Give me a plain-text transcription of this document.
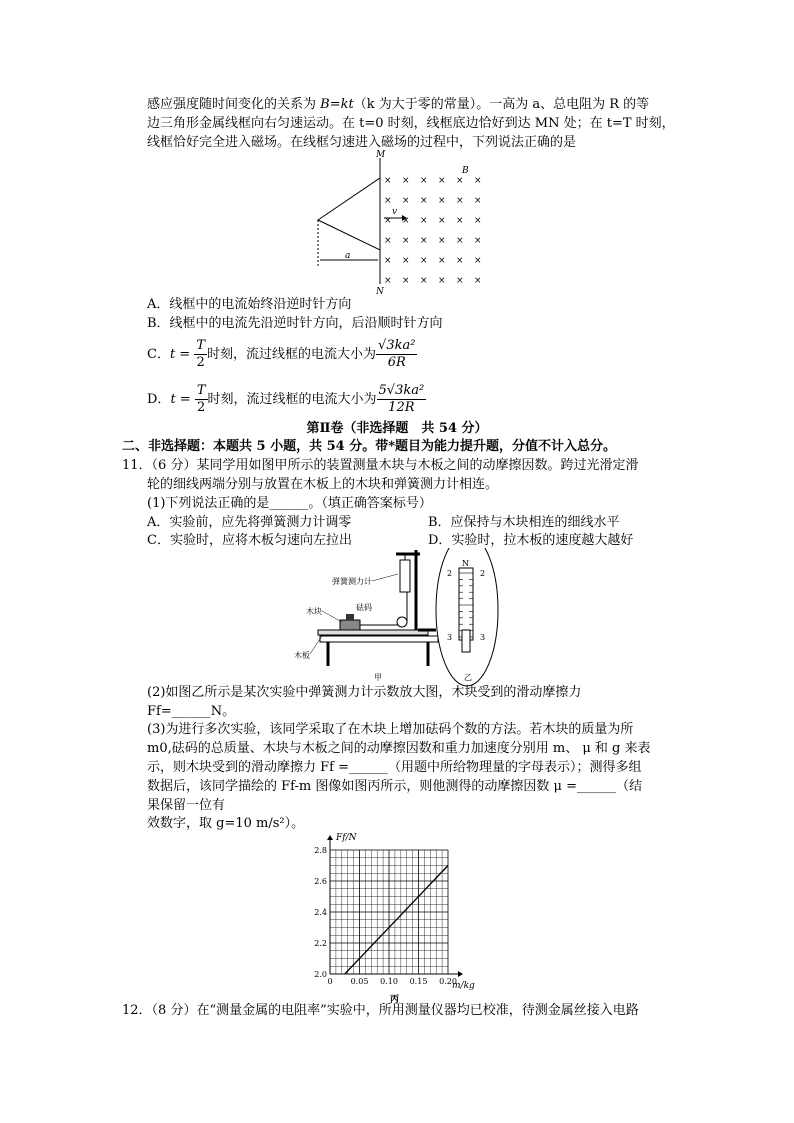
感应强度随时间变化的关系为 B=kt（k 为大于零的常量）。一高为 a、总电阻为 R 的等
边三角形金属线框向右匀速运动。在 t=0 时刻，线框底边恰好到达 MN 处；在 t=T 时刻，
线框恰好完全进入磁场。在线框匀速进入磁场的过程中，下列说法正确的是
M
N
B
a
v
× × × × × ×
× × × × × ×
× × × × × ×
× × × × × ×
× × × × × ×
× × × × × ×
A．线框中的电流始终沿逆时针方向
B．线框中的电流先沿逆时针方向，后沿顺时针方向
C．$t = \frac{T}{2}$ 时刻，流过线框的电流大小为 $\frac{\text{√3ka²}}{6R}$
D．$t = \frac{T}{2}$ 时刻，流过线框的电流大小为 $\frac{\text{5√3ka²}}{12R}$
第Ⅱ卷（非选择题　共 54 分）
二、非选择题：本题共 5 小题，共 54 分。带*题目为能力提升题，分值不计入总分。
11．（6 分）某同学用如图甲所示的装置测量木块与木板之间的动摩擦因数。跨过光滑定滑
轮的细线两端分别与放置在木板上的木块和弹簧测力计相连。
(1)下列说法正确的是______。（填正确答案标号）
A．实验前，应先将弹簧测力计调零	B．应保持与木块相连的细线水平
C．实验时，应将木板匀速向左拉出	D．实验时，拉木板的速度越大越好
弹簧测力计
木块	砝码
木板
甲
N
2	2
3	3
乙
(2)如图乙所示是某次实验中弹簧测力计示数放大图，木块受到的滑动摩擦力
Ff=______N。
(3)为进行多次实验，该同学采取了在木块上增加砝码个数的方法。若木块的质量为所
m0,砝码的总质量、木块与木板之间的动摩擦因数和重力加速度分别用 m、 μ 和 g 来表
示，则木块受到的滑动摩擦力 Ff =______（用题中所给物理量的字母表示）；测得多组
数据后，该同学描绘的 Ff-m 图像如图丙所示，则他测得的动摩擦因数 μ =______（结
果保留一位有
效数字，取 g=10 m/s²）。
0 0.05 0.10 0.15 0.20
2.0
2.2
2.4
2.6
2.8
Ff/N
m/kg
丙
12．（8 分）在“测量金属的电阻率”实验中，所用测量仪器均已校准，待测金属丝接入电路
